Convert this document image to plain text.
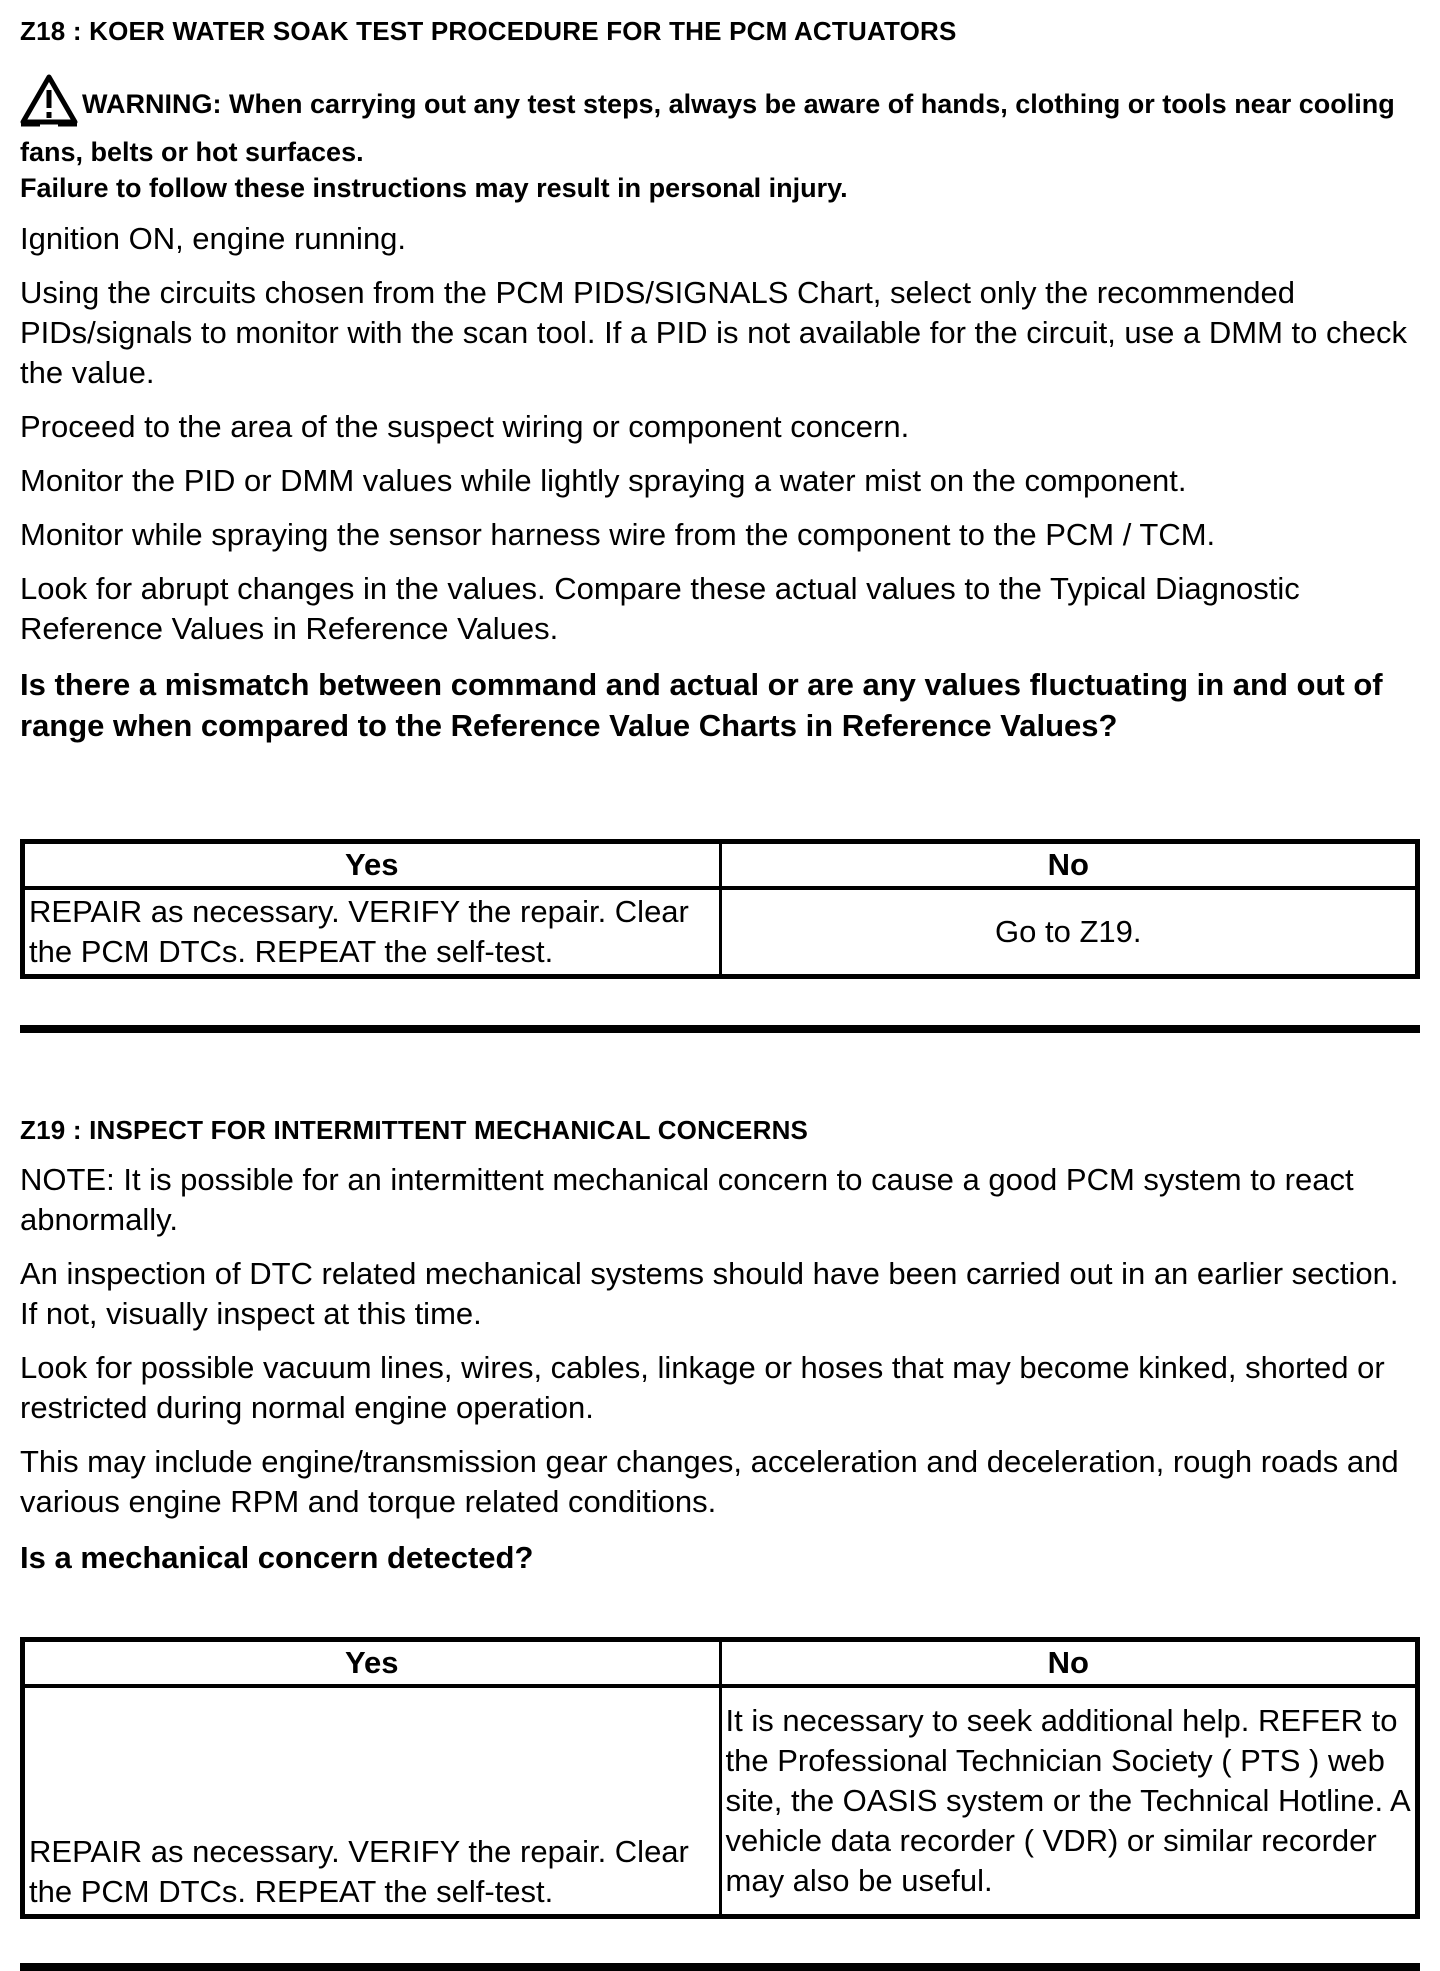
Z18 : KOER WATER SOAK TEST PROCEDURE FOR THE PCM ACTUATORS
WARNING: When carrying out any test steps, always be aware of hands, clothing or tools near cooling fans, belts or hot surfaces.
Failure to follow these instructions may result in personal injury.

Ignition ON, engine running.

Using the circuits chosen from the PCM PIDS/SIGNALS Chart, select only the recommended PIDs/signals to monitor with the scan tool. If a PID is not available for the circuit, use a DMM to check the value.

Proceed to the area of the suspect wiring or component concern.

Monitor the PID or DMM values while lightly spraying a water mist on the component.

Monitor while spraying the sensor harness wire from the component to the PCM / TCM.

Look for abrupt changes in the values. Compare these actual values to the Typical Diagnostic Reference Values in Reference Values.

Is there a mismatch between command and actual or are any values fluctuating in and out of range when compared to the Reference Value Charts in Reference Values?

Yes	No
REPAIR as necessary. VERIFY the repair. Clear the PCM DTCs. REPEAT the self-test.	Go to Z19.
Z19 : INSPECT FOR INTERMITTENT MECHANICAL CONCERNS

NOTE: It is possible for an intermittent mechanical concern to cause a good PCM system to react abnormally.

An inspection of DTC related mechanical systems should have been carried out in an earlier section. If not, visually inspect at this time.

Look for possible vacuum lines, wires, cables, linkage or hoses that may become kinked, shorted or restricted during normal engine operation.

This may include engine/transmission gear changes, acceleration and deceleration, rough roads and various engine RPM and torque related conditions.

Is a mechanical concern detected?

Yes	No
REPAIR as necessary. VERIFY the repair. Clear the PCM DTCs. REPEAT the self-test.	It is necessary to seek additional help. REFER to the Professional Technician Society ( PTS ) web site, the OASIS system or the Technical Hotline. A vehicle data recorder ( VDR) or similar recorder may also be useful.
